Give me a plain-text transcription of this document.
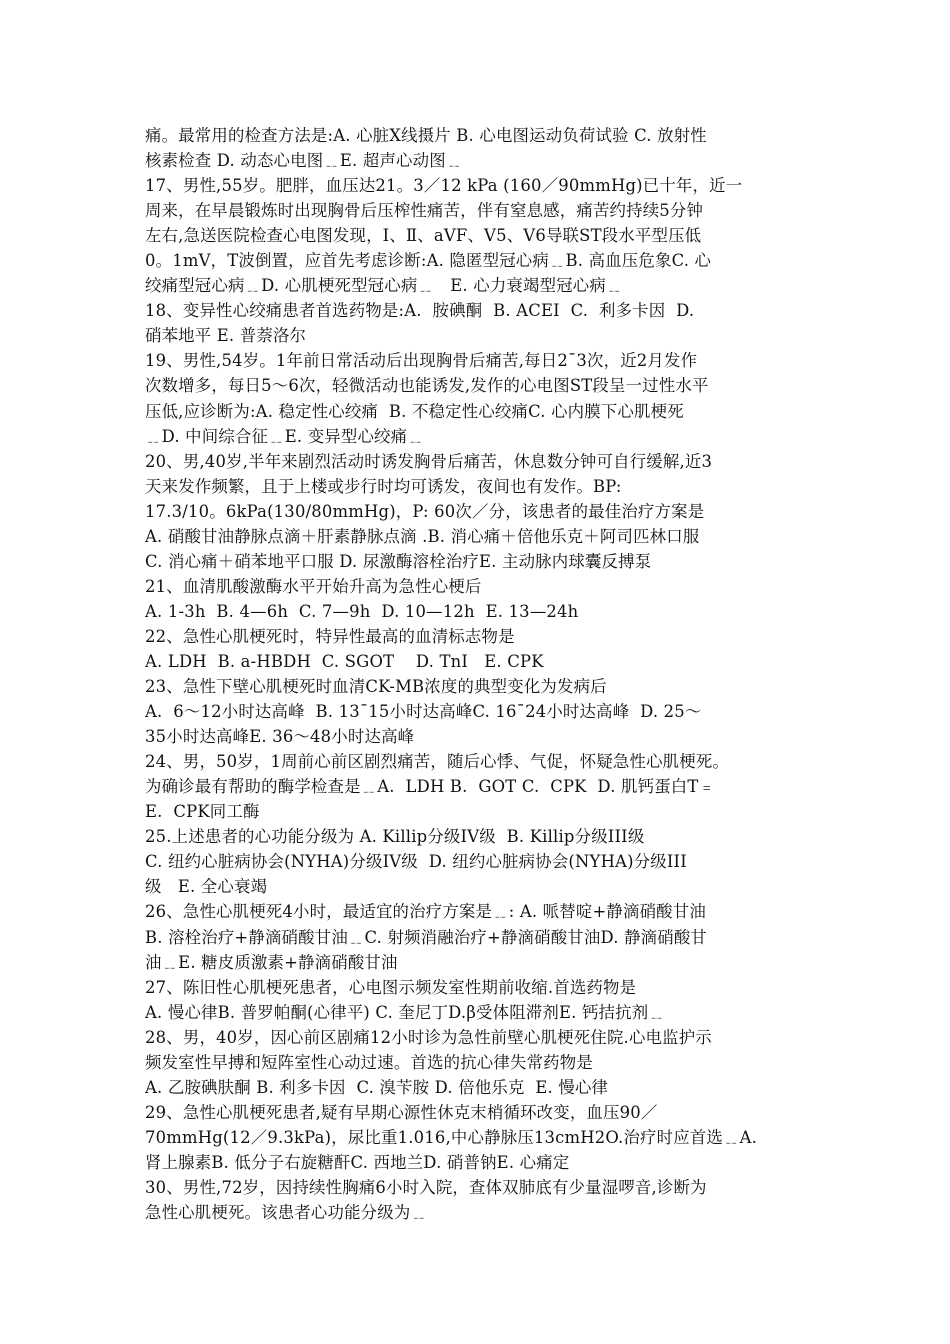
痛。最常用的检查方法是:A. 心脏X线摄片 B. 心电图运动负荷试验 C. 放射性
核素检查 D. 动态心电图﹎E. 超声心动图﹎
17、男性,55岁。肥胖，血压达21。3／12 kPa (160／90mmHg)已十年，近一
周来，在早晨锻炼时出现胸骨后压榨性痛苦，伴有窒息感，痛苦约持续5分钟
左右,急送医院检查心电图发现，Ⅰ、Ⅱ、aVF、V5、V6导联ST段水平型压低
0。1mV，T波倒置，应首先考虑诊断:A. 隐匿型冠心病﹎B. 高血压危象C. 心
绞痛型冠心病﹎D. 心肌梗死型冠心病﹎   E. 心力衰竭型冠心病﹎
18、变异性心绞痛患者首选药物是:A.  胺碘酮  B. ACEI  C.  利多卡因  D.
硝苯地平 E. 普萘洛尔
19、男性,54岁。1年前日常活动后出现胸骨后痛苦,每日2¯3次，近2月发作
次数增多，每日5～6次，轻微活动也能诱发,发作的心电图ST段呈一过性水平
压低,应诊断为:A. 稳定性心绞痛  B. 不稳定性心绞痛C. 心内膜下心肌梗死
﹎D. 中间综合征﹎E. 变异型心绞痛﹎
20、男,40岁,半年来剧烈活动时诱发胸骨后痛苦，休息数分钟可自行缓解,近3
天来发作频繁，且于上楼或步行时均可诱发，夜间也有发作。BP:
17.3/10。6kPa(130/80mmHg)，P: 60次／分，该患者的最佳治疗方案是
A. 硝酸甘油静脉点滴＋肝素静脉点滴 .B. 消心痛＋倍他乐克＋阿司匹林口服
C. 消心痛＋硝苯地平口服 D. 尿激酶溶栓治疗E. 主动脉内球囊反搏泵
21、血清肌酸激酶水平开始升高为急性心梗后
A. 1-3h  B. 4—6h  C. 7—9h  D. 10—12h  E. 13—24h
22、急性心肌梗死时，特异性最高的血清标志物是
A. LDH  B. a-HBDH  C. SGOT    D. TnI   E. CPK
23、急性下壁心肌梗死时血清CK-MB浓度的典型变化为发病后
A.  6～12小时达高峰  B. 13¯15小时达高峰C. 16¯24小时达高峰  D. 25～
35小时达高峰E. 36～48小时达高峰
24、男，50岁，1周前心前区剧烈痛苦，随后心悸、气促，怀疑急性心肌梗死。
为确诊最有帮助的酶学检查是﹎A.  LDH B.  GOT C.  CPK  D. 肌钙蛋白T﹦
E.  CPK同工酶
25.上述患者的心功能分级为 A. Killip分级IV级  B. Killip分级III级
C. 纽约心脏病协会(NYHA)分级IV级  D. 纽约心脏病协会(NYHA)分级III
级   E. 全心衰竭
26、急性心肌梗死4小时，最适宜的治疗方案是﹎: A. 哌替啶+静滴硝酸甘油
B. 溶栓治疗+静滴硝酸甘油﹎C. 射频消融治疗+静滴硝酸甘油D. 静滴硝酸甘
油﹎E. 糖皮质激素+静滴硝酸甘油
27、陈旧性心肌梗死患者，心电图示频发室性期前收缩.首选药物是
A. 慢心律B. 普罗帕酮(心律平) C. 奎尼丁D.β受体阻滞剂E. 钙拮抗剂﹎
28、男，40岁，因心前区剧痛12小时诊为急性前壁心肌梗死住院.心电监护示
频发室性早搏和短阵室性心动过速。首选的抗心律失常药物是
A. 乙胺碘肤酮 B. 利多卡因  C. 溴苄胺 D. 倍他乐克  E. 慢心律
29、急性心肌梗死患者,疑有早期心源性休克末梢循环改变，血压90／
70mmHg(12／9.3kPa)，尿比重1.016,中心静脉压13cmH2O.治疗时应首选﹎A.
肾上腺素B. 低分子右旋糖酐C. 西地兰D. 硝普钠E. 心痛定
30、男性,72岁，因持续性胸痛6小时入院，查体双肺底有少量湿啰音,诊断为
急性心肌梗死。该患者心功能分级为﹎
